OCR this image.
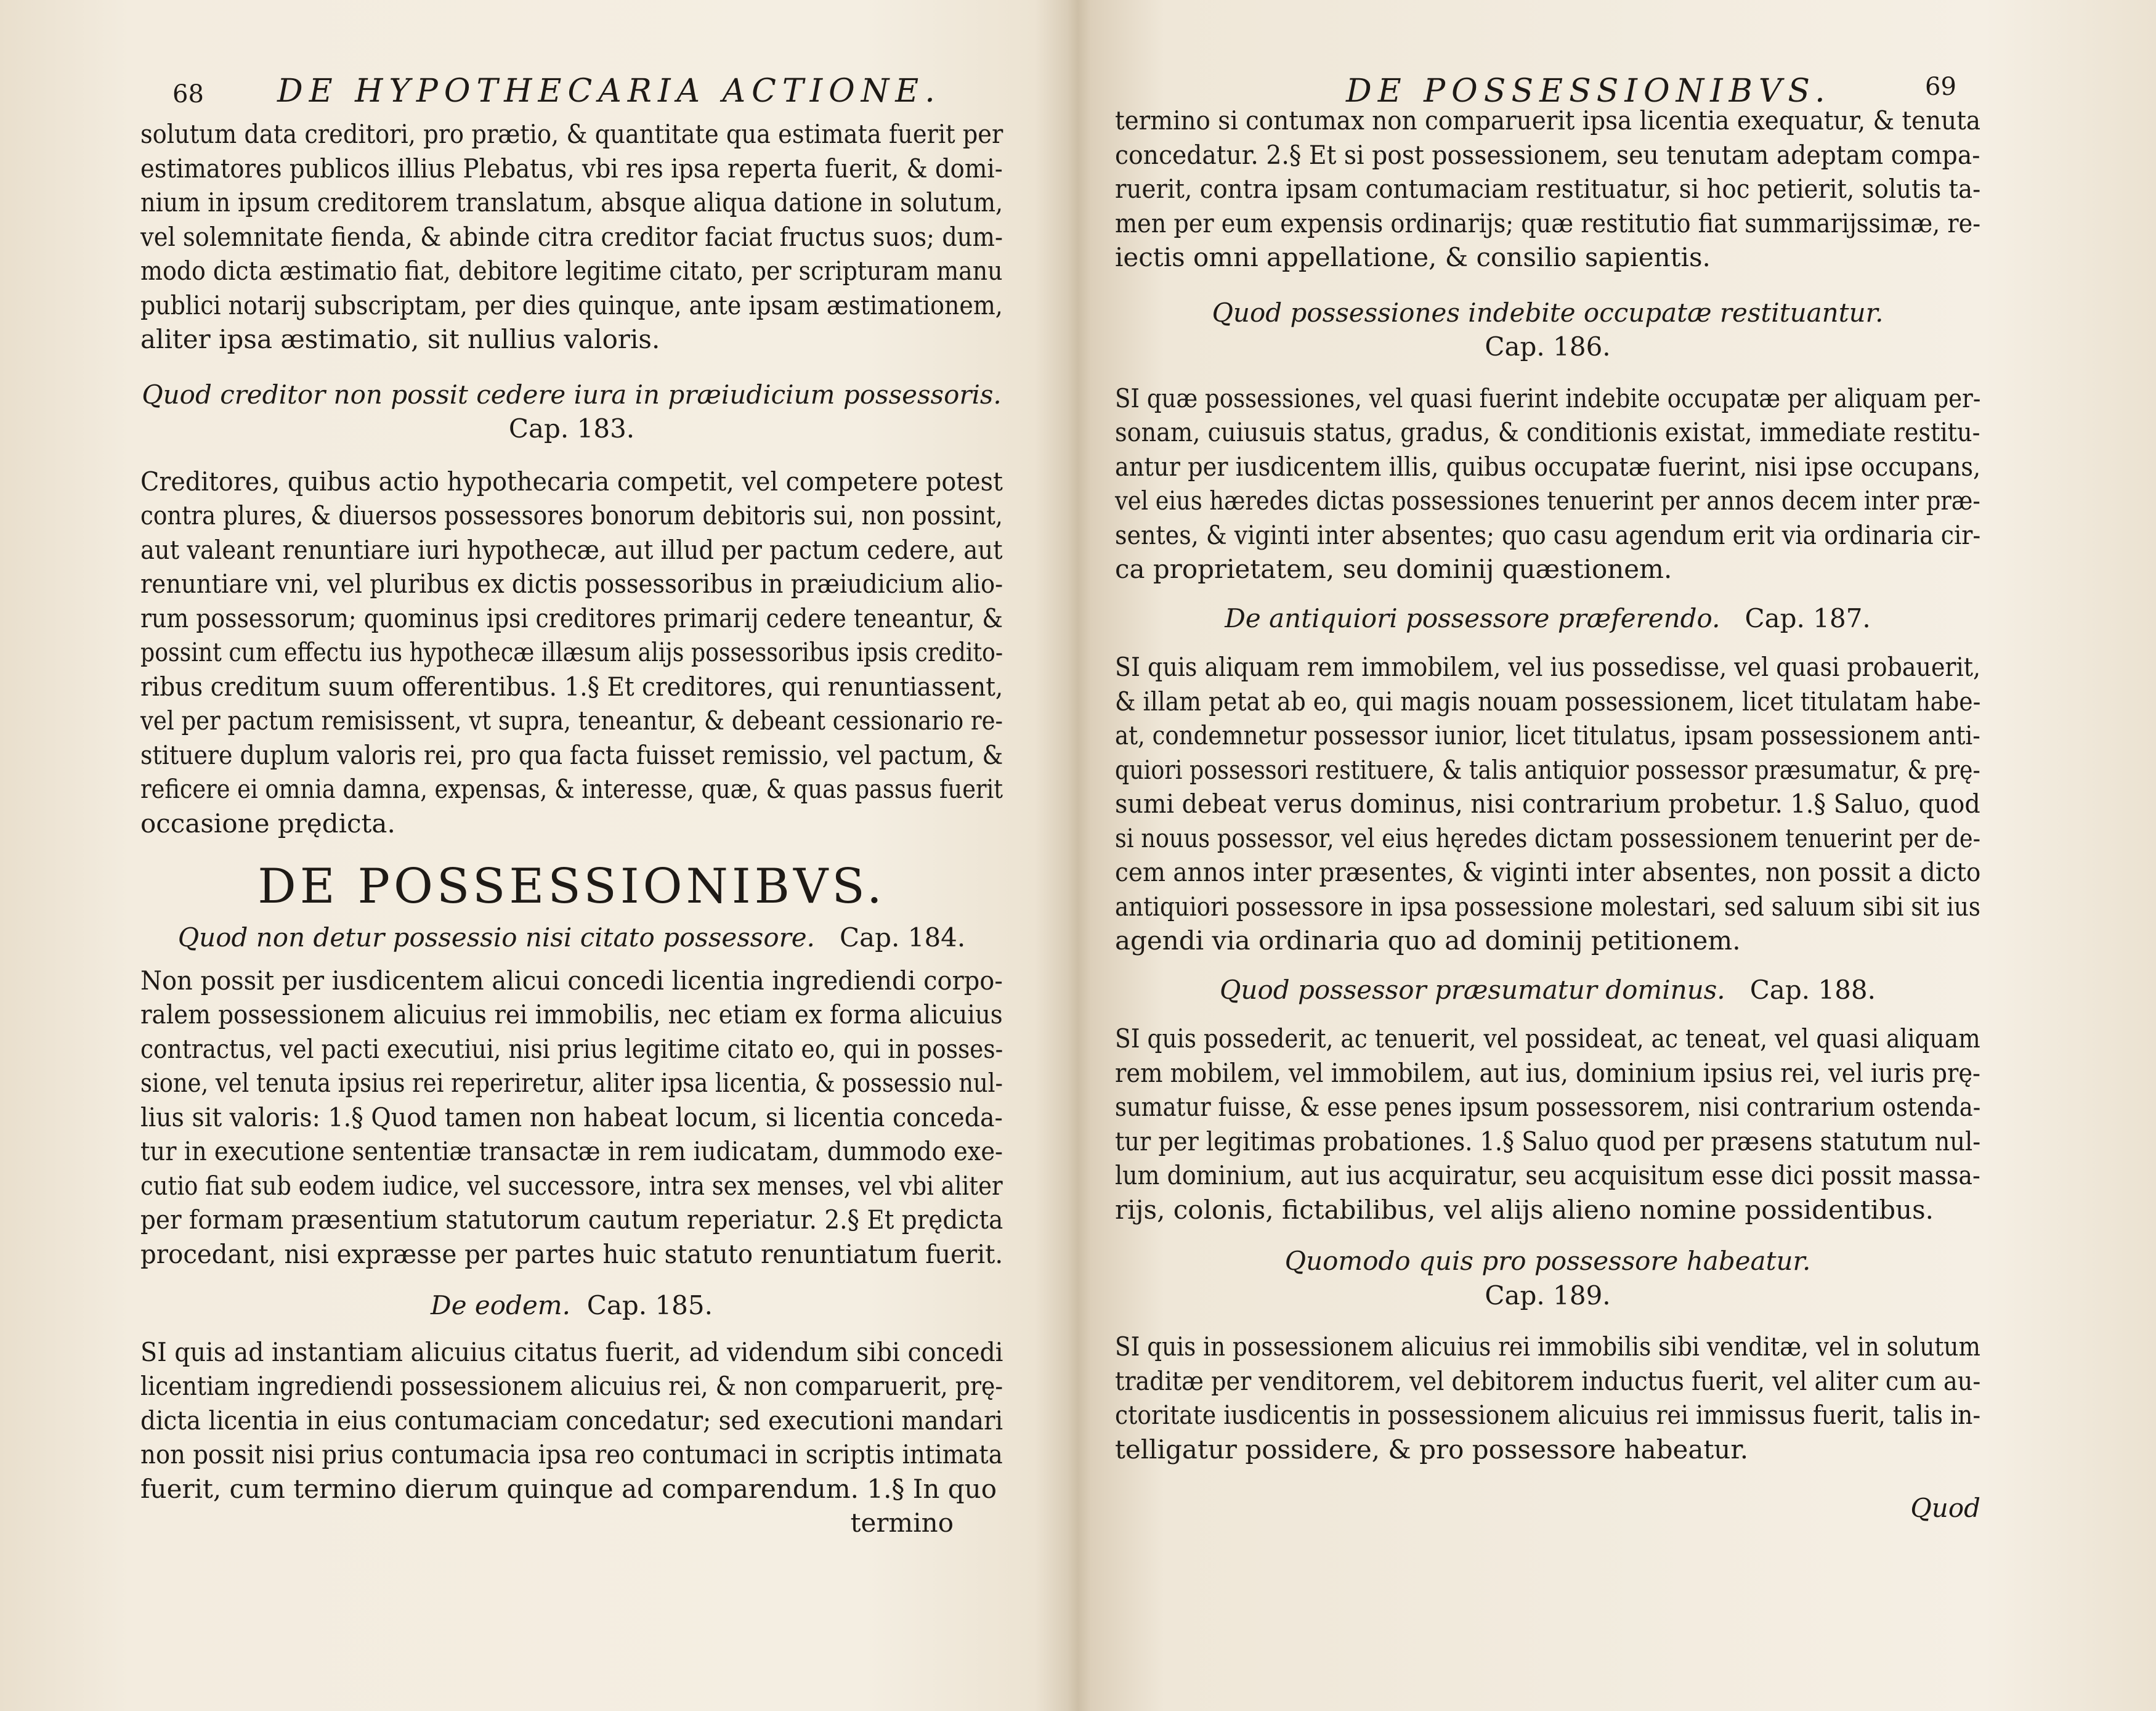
68 DE HYPOTHECARIA ACTIONE.
solutum data creditori, pro prætio, & quantitate qua estimata fuerit per
estimatores publicos illius Plebatus, vbi res ipsa reperta fuerit, & domi-
nium in ipsum creditorem translatum, absque aliqua datione in solutum,
vel solemnitate fienda, & abinde citra creditor faciat fructus suos; dum-
modo dicta æstimatio fiat, debitore legitime citato, per scripturam manu
publici notarij subscriptam, per dies quinque, ante ipsam æstimationem,
aliter ipsa æstimatio, sit nullius valoris.
Quod creditor non possit cedere iura in præiudicium possessoris.
Cap. 183.
Creditores, quibus actio hypothecaria competit, vel competere potest
contra plures, & diuersos possessores bonorum debitoris sui, non possint,
aut valeant renuntiare iuri hypothecæ, aut illud per pactum cedere, aut
renuntiare vni, vel pluribus ex dictis possessoribus in præiudicium alio-
rum possessorum; quominus ipsi creditores primarij cedere teneantur, &
possint cum effectu ius hypothecæ illæsum alijs possessoribus ipsis credito-
ribus creditum suum offerentibus. 1.§ Et creditores, qui renuntiassent,
vel per pactum remisissent, vt supra, teneantur, & debeant cessionario re-
stituere duplum valoris rei, pro qua facta fuisset remissio, vel pactum, &
reficere ei omnia damna, expensas, & interesse, quæ, & quas passus fuerit
occasione prędicta.
DE POSSESSIONIBVS.
Quod non detur possessio nisi citato possessore. Cap. 184.
Non possit per iusdicentem alicui concedi licentia ingrediendi corpo-
ralem possessionem alicuius rei immobilis, nec etiam ex forma alicuius
contractus, vel pacti executiui, nisi prius legitime citato eo, qui in posses-
sione, vel tenuta ipsius rei reperiretur, aliter ipsa licentia, & possessio nul-
lius sit valoris: 1.§ Quod tamen non habeat locum, si licentia conceda-
tur in executione sententiæ transactæ in rem iudicatam, dummodo exe-
cutio fiat sub eodem iudice, vel successore, intra sex menses, vel vbi aliter
per formam præsentium statutorum cautum reperiatur. 2.§ Et prędicta
procedant, nisi expræsse per partes huic statuto renuntiatum fuerit.
De eodem. Cap. 185.
SI quis ad instantiam alicuius citatus fuerit, ad videndum sibi concedi
licentiam ingrediendi possessionem alicuius rei, & non comparuerit, prę-
dicta licentia in eius contumaciam concedatur; sed executioni mandari
non possit nisi prius contumacia ipsa reo contumaci in scriptis intimata
fuerit, cum termino dierum quinque ad comparendum. 1.§ In quo
termino
DE POSSESSIONIBVS.	69
termino si contumax non comparuerit ipsa licentia exequatur, & tenuta
concedatur. 2.§ Et si post possessionem, seu tenutam adeptam compa-
ruerit, contra ipsam contumaciam restituatur, si hoc petierit, solutis ta-
men per eum expensis ordinarijs; quæ restitutio fiat summarijssimæ, re-
iectis omni appellatione, & consilio sapientis.
Quod possessiones indebite occupatæ restituantur.
Cap. 186.
SI quæ possessiones, vel quasi fuerint indebite occupatæ per aliquam per-
sonam, cuiusuis status, gradus, & conditionis existat, immediate restitu-
antur per iusdicentem illis, quibus occupatæ fuerint, nisi ipse occupans,
vel eius hæredes dictas possessiones tenuerint per annos decem inter præ-
sentes, & viginti inter absentes; quo casu agendum erit via ordinaria cir-
ca proprietatem, seu dominij quæstionem.
De antiquiori possessore præferendo. Cap. 187.
SI quis aliquam rem immobilem, vel ius possedisse, vel quasi probauerit,
& illam petat ab eo, qui magis nouam possessionem, licet titulatam habe-
at, condemnetur possessor iunior, licet titulatus, ipsam possessionem anti-
quiori possessori restituere, & talis antiquior possessor præsumatur, & prę-
sumi debeat verus dominus, nisi contrarium probetur. 1.§ Saluo, quod
si nouus possessor, vel eius hęredes dictam possessionem tenuerint per de-
cem annos inter præsentes, & viginti inter absentes, non possit a dicto
antiquiori possessore in ipsa possessione molestari, sed saluum sibi sit ius
agendi via ordinaria quo ad dominij petitionem.
Quod possessor præsumatur dominus. Cap. 188.
SI quis possederit, ac tenuerit, vel possideat, ac teneat, vel quasi aliquam
rem mobilem, vel immobilem, aut ius, dominium ipsius rei, vel iuris prę-
sumatur fuisse, & esse penes ipsum possessorem, nisi contrarium ostenda-
tur per legitimas probationes. 1.§ Saluo quod per præsens statutum nul-
lum dominium, aut ius acquiratur, seu acquisitum esse dici possit massa-
rijs, colonis, fictabilibus, vel alijs alieno nomine possidentibus.
Quomodo quis pro possessore habeatur.
Cap. 189.
SI quis in possessionem alicuius rei immobilis sibi venditæ, vel in solutum
traditæ per venditorem, vel debitorem inductus fuerit, vel aliter cum au-
ctoritate iusdicentis in possessionem alicuius rei immissus fuerit, talis in-
telligatur possidere, & pro possessore habeatur.
Quod
